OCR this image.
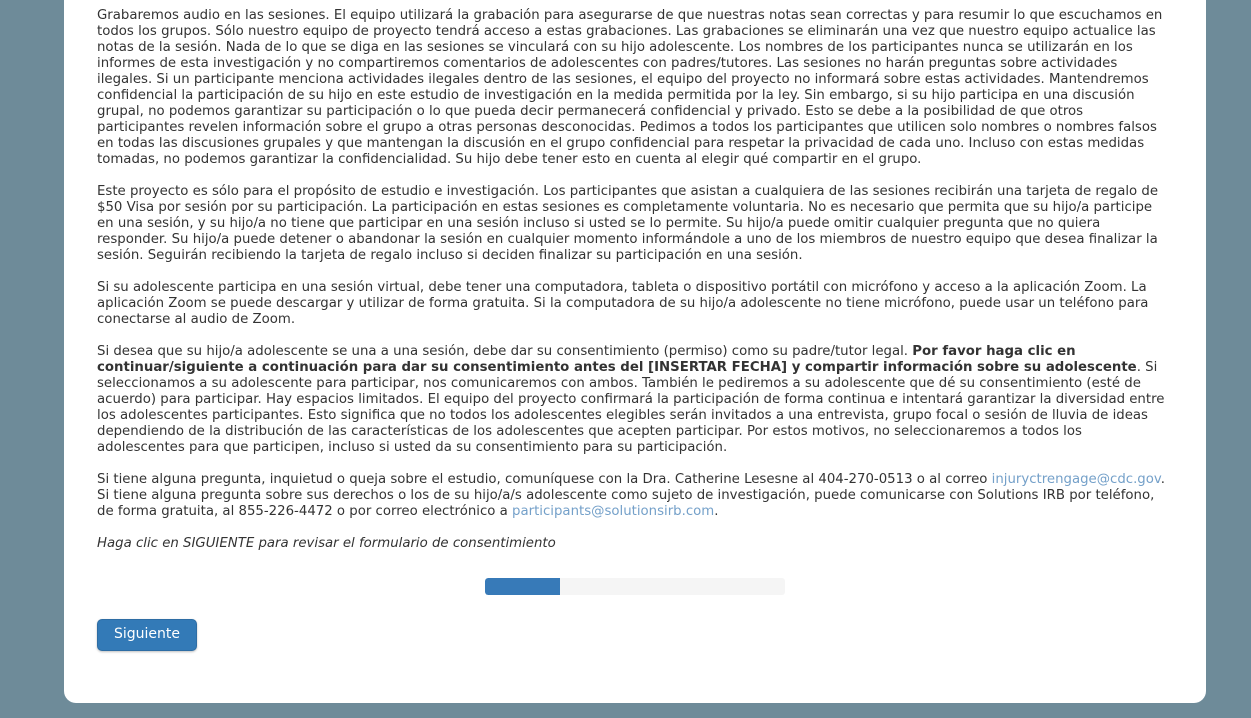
Grabaremos audio en las sesiones. El equipo utilizará la grabación para asegurarse de que nuestras notas sean correctas y para resumir lo que escuchamos en todos los grupos. Sólo nuestro equipo de proyecto tendrá acceso a estas grabaciones. Las grabaciones se eliminarán una vez que nuestro equipo actualice las notas de la sesión. Nada de lo que se diga en las sesiones se vinculará con su hijo adolescente. Los nombres de los participantes nunca se utilizarán en los informes de esta investigación y no compartiremos comentarios de adolescentes con padres/tutores. Las sesiones no harán preguntas sobre actividades ilegales. Si un participante menciona actividades ilegales dentro de las sesiones, el equipo del proyecto no informará sobre estas actividades. Mantendremos confidencial la participación de su hijo en este estudio de investigación en la medida permitida por la ley. Sin embargo, si su hijo participa en una discusión grupal, no podemos garantizar su participación o lo que pueda decir permanecerá confidencial y privado. Esto se debe a la posibilidad de que otros participantes revelen información sobre el grupo a otras personas desconocidas. Pedimos a todos los participantes que utilicen solo nombres o nombres falsos en todas las discusiones grupales y que mantengan la discusión en el grupo confidencial para respetar la privacidad de cada uno. Incluso con estas medidas tomadas, no podemos garantizar la confidencialidad. Su hijo debe tener esto en cuenta al elegir qué compartir en el grupo.

Este proyecto es sólo para el propósito de estudio e investigación. Los participantes que asistan a cualquiera de las sesiones recibirán una tarjeta de regalo de $50 Visa por sesión por su participación. La participación en estas sesiones es completamente voluntaria. No es necesario que permita que su hijo/a participe en una sesión, y su hijo/a no tiene que participar en una sesión incluso si usted se lo permite. Su hijo/a puede omitir cualquier pregunta que no quiera responder. Su hijo/a puede detener o abandonar la sesión en cualquier momento informándole a uno de los miembros de nuestro equipo que desea finalizar la sesión. Seguirán recibiendo la tarjeta de regalo incluso si deciden finalizar su participación en una sesión.

Si su adolescente participa en una sesión virtual, debe tener una computadora, tableta o dispositivo portátil con micrófono y acceso a la aplicación Zoom. La aplicación Zoom se puede descargar y utilizar de forma gratuita. Si la computadora de su hijo/a adolescente no tiene micrófono, puede usar un teléfono para conectarse al audio de Zoom.

Si desea que su hijo/a adolescente se una a una sesión, debe dar su consentimiento (permiso) como su padre/tutor legal. Por favor haga clic en continuar/siguiente a continuación para dar su consentimiento antes del [INSERTAR FECHA] y compartir información sobre su adolescente. Si seleccionamos a su adolescente para participar, nos comunicaremos con ambos. También le pediremos a su adolescente que dé su consentimiento (esté de acuerdo) para participar. Hay espacios limitados. El equipo del proyecto confirmará la participación de forma continua e intentará garantizar la diversidad entre los adolescentes participantes. Esto significa que no todos los adolescentes elegibles serán invitados a una entrevista, grupo focal o sesión de lluvia de ideas dependiendo de la distribución de las características de los adolescentes que acepten participar. Por estos motivos, no seleccionaremos a todos los adolescentes para que participen, incluso si usted da su consentimiento para su participación.

Si tiene alguna pregunta, inquietud o queja sobre el estudio, comuníquese con la Dra. Catherine Lesesne al 404-270-0513 o al correo injuryctrengage@cdc.gov. Si tiene alguna pregunta sobre sus derechos o los de su hijo/a/s adolescente como sujeto de investigación, puede comunicarse con Solutions IRB por teléfono, de forma gratuita, al 855-226-4472 o por correo electrónico a participants@solutionsirb.com.

Haga clic en SIGUIENTE para revisar el formulario de consentimiento

Siguiente
